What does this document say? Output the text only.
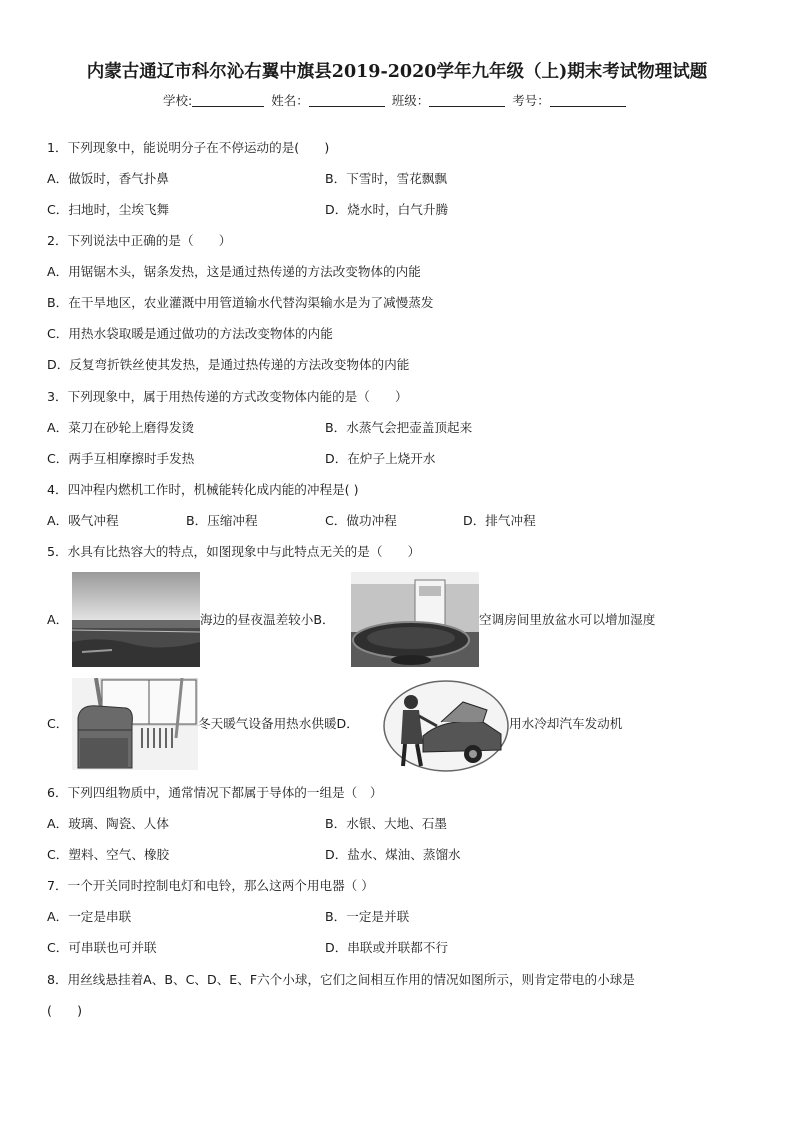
内蒙古通辽市科尔沁右翼中旗县2019-2020学年九年级（上)期末考试物理试题
学校:	姓名：	班级：	考号：
1．下列现象中，能说明分子在不停运动的是(　　)
A．做饭时，香气扑鼻	B．下雪时，雪花飘飘
C．扫地时，尘埃飞舞	D．烧水时，白气升腾
2．下列说法中正确的是（　　）
A．用锯锯木头，锯条发热，这是通过热传递的方法改变物体的内能
B．在干旱地区，农业灌溉中用管道输水代替沟渠输水是为了减慢蒸发
C．用热水袋取暖是通过做功的方法改变物体的内能
D．反复弯折铁丝使其发热，是通过热传递的方法改变物体的内能
3．下列现象中，属于用热传递的方式改变物体内能的是（　　）
A．菜刀在砂轮上磨得发烫	B．水蒸气会把壶盖顶起来
C．两手互相摩擦时手发热	D．在炉子上烧开水
4．四冲程内燃机工作时，机械能转化成内能的冲程是( )
A．吸气冲程	B．压缩冲程	C．做功冲程	D．排气冲程
5．水具有比热容大的特点，如图现象中与此特点无关的是（　　）
A．	海边的昼夜温差较小B．	空调房间里放盆水可以增加湿度
C．	冬天暖气设备用热水供暖D．	用水冷却汽车发动机
6．下列四组物质中，通常情况下都属于导体的一组是（　）
A．玻璃、陶瓷、人体	B．水银、大地、石墨
C．塑料、空气、橡胶	D．盐水、煤油、蒸馏水
7．一个开关同时控制电灯和电铃，那么这两个用电器（ ）
A．一定是串联	B．一定是并联
C．可串联也可并联	D．串联或并联都不行
8．用丝线悬挂着A、B、C、D、E、F六个小球，它们之间相互作用的情况如图所示，则肯定带电的小球是
(　　)
